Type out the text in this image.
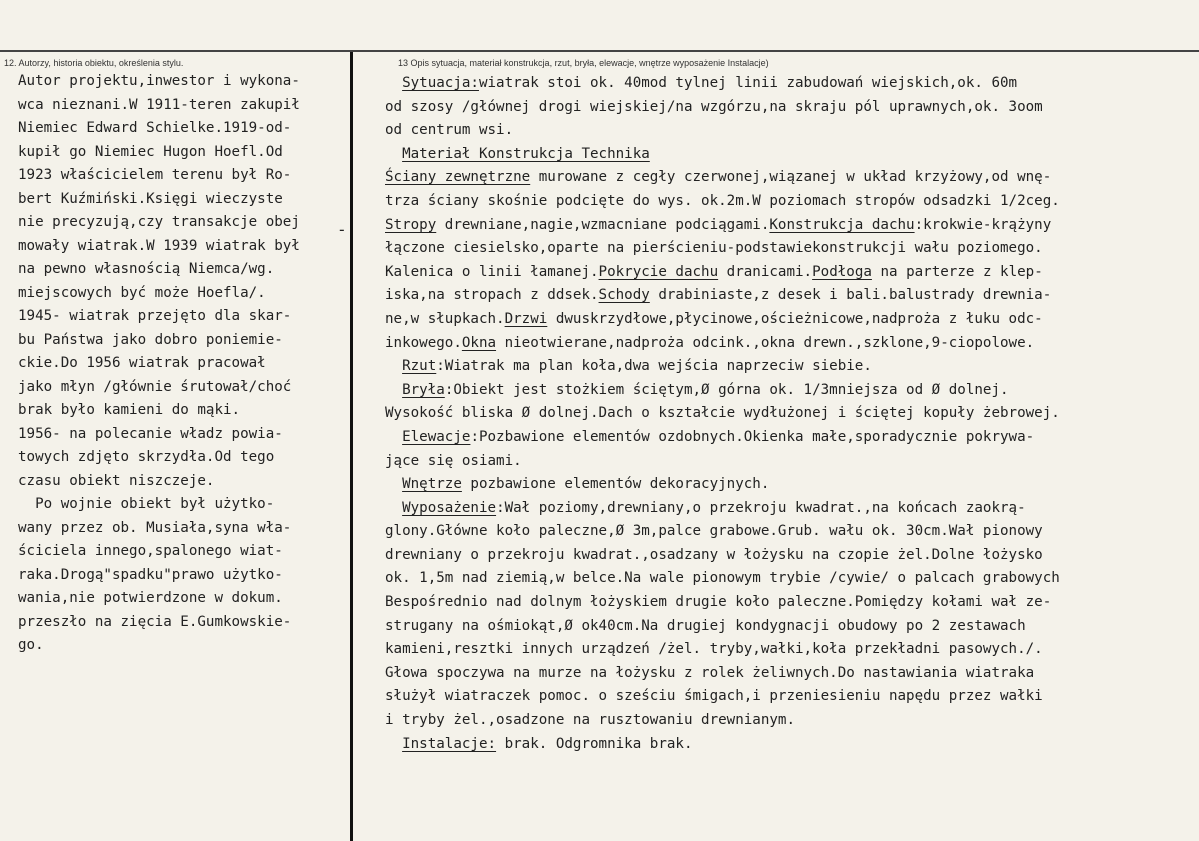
12. Autorzy, historia obiektu, określenia stylu.	13 Opis sytuacja, materiał konstrukcja, rzut, bryła, elewacje, wnętrze wyposażenie Instalacje)
-
Autor projektu,inwestor i wykona-
wca nieznani.W 1911-teren zakupił
Niemiec Edward Schielke.1919-od-
kupił go Niemiec Hugon Hoefl.Od
1923 właścicielem terenu był Ro-
bert Kuźmiński.Księgi wieczyste
nie precyzują,czy transakcje obej
mowały wiatrak.W 1939 wiatrak był
na pewno własnością Niemca/wg.
miejscowych być może Hoefla/.
1945- wiatrak przejęto dla skar-
bu Państwa jako dobro poniemie-
ckie.Do 1956 wiatrak pracował
jako młyn /głównie śrutował/choć
brak było kamieni do mąki.
1956- na polecanie władz powia-
towych zdjęto skrzydła.Od tego
czasu obiekt niszczeje.
Po wojnie obiekt był użytko-
wany przez ob. Musiała,syna wła-
ściciela innego,spalonego wiat-
raka.Drogą"spadku"prawo użytko-
wania,nie potwierdzone w dokum.
przeszło na zięcia E.Gumkowskie-
go.
Sytuacja:wiatrak stoi ok. 40mod tylnej linii zabudowań wiejskich,ok. 60m
od szosy /głównej drogi wiejskiej/na wzgórzu,na skraju pól uprawnych,ok. 3oom
od centrum wsi.
Materiał Konstrukcja Technika
Ściany zewnętrzne murowane z cegły czerwonej,wiązanej w układ krzyżowy,od wnę-
trza ściany skośnie podcięte do wys. ok.2m.W poziomach stropów odsadzki 1/2ceg.
Stropy drewniane,nagie,wzmacniane podciągami.Konstrukcja dachu:krokwie-krążyny
łączone ciesielsko,oparte na pierścieniu-podstawiekonstrukcji wału poziomego.
Kalenica o linii łamanej.Pokrycie dachu dranicami.Podłoga na parterze z klep-
iska,na stropach z ddsek.Schody drabiniaste,z desek i bali.balustrady drewnia-
ne,w słupkach.Drzwi dwuskrzydłowe,płycinowe,ościeżnicowe,nadproża z łuku odc-
inkowego.Okna nieotwierane,nadproża odcink.,okna drewn.,szklone,9-ciopolowe.
Rzut:Wiatrak ma plan koła,dwa wejścia naprzeciw siebie.
Bryła:Obiekt jest stożkiem ściętym,Ø górna ok. 1/3mniejsza od Ø dolnej.
Wysokość bliska Ø dolnej.Dach o kształcie wydłużonej i ściętej kopuły żebrowej.
Elewacje:Pozbawione elementów ozdobnych.Okienka małe,sporadycznie pokrywa-
jące się osiami.
Wnętrze pozbawione elementów dekoracyjnych.
Wyposażenie:Wał poziomy,drewniany,o przekroju kwadrat.,na końcach zaokrą-
glony.Główne koło paleczne,Ø 3m,palce grabowe.Grub. wału ok. 30cm.Wał pionowy
drewniany o przekroju kwadrat.,osadzany w łożysku na czopie żel.Dolne łożysko
ok. 1,5m nad ziemią,w belce.Na wale pionowym trybie /cywie/ o palcach grabowych
Bespośrednio nad dolnym łożyskiem drugie koło paleczne.Pomiędzy kołami wał ze-
strugany na ośmiokąt,Ø ok40cm.Na drugiej kondygnacji obudowy po 2 zestawach
kamieni,resztki innych urządzeń /żel. tryby,wałki,koła przekładni pasowych./.
Głowa spoczywa na murze na łożysku z rolek żeliwnych.Do nastawiania wiatraka
służył wiatraczek pomoc. o sześciu śmigach,i przeniesieniu napędu przez wałki
i tryby żel.,osadzone na rusztowaniu drewnianym.
Instalacje: brak. Odgromnika brak.
